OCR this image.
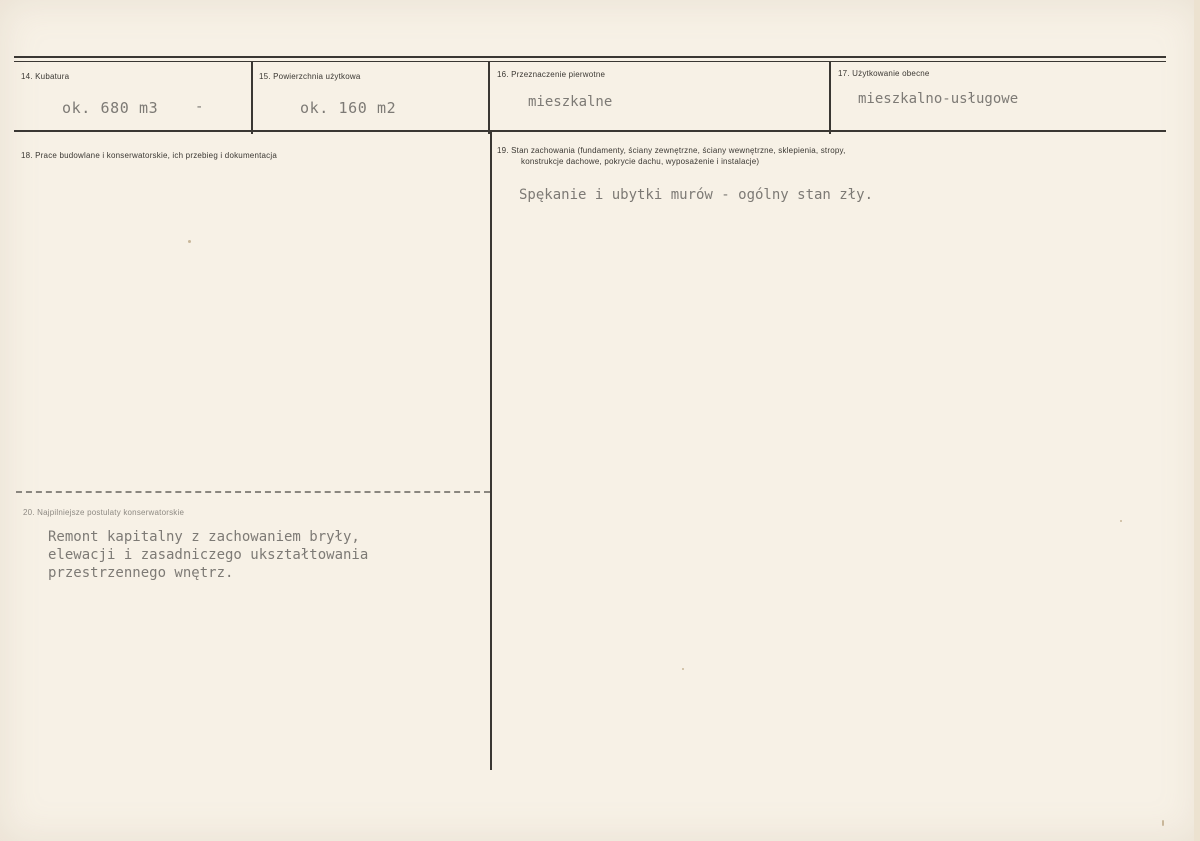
14. Kubatura
ok. 680 m3	-
15. Powierzchnia użytkowa
ok. 160 m2
16. Przeznaczenie pierwotne
mieszkalne
17. Użytkowanie obecne
mieszkalno-usługowe
18. Prace budowlane i konserwatorskie, ich przebieg i dokumentacja
19. Stan zachowania (fundamenty, ściany zewnętrzne, ściany wewnętrzne, sklepienia, stropy,
konstrukcje dachowe, pokrycie dachu, wyposażenie i instalacje)
Spękanie i ubytki murów - ogólny stan zły.
20. Najpilniejsze postulaty konserwatorskie
Remont kapitalny z zachowaniem bryły,
elewacji i zasadniczego ukształtowania
przestrzennego wnętrz.
